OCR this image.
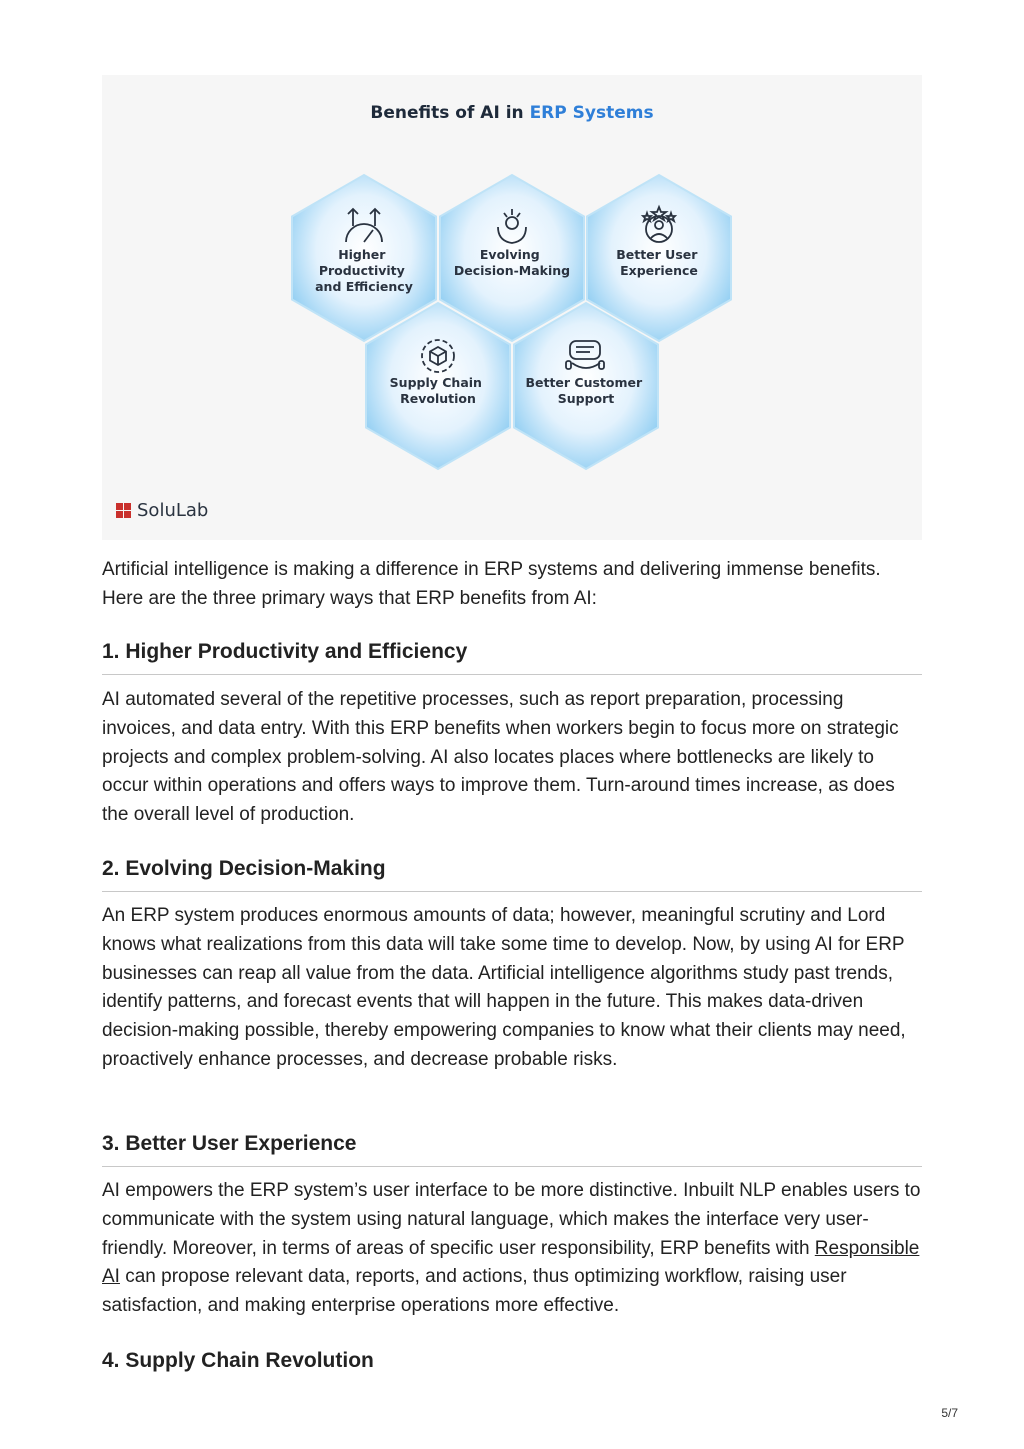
Benefits of AI in ERP Systems
Higher Productivity and Efficiency
Evolving Decision-Making
Better User Experience
Supply Chain Revolution
Better Customer Support
SoluLab

Artificial intelligence is making a difference in ERP systems and delivering immense benefits. Here are the three primary ways that ERP benefits from AI:

1. Higher Productivity and Efficiency

AI automated several of the repetitive processes, such as report preparation, processing invoices, and data entry. With this ERP benefits when workers begin to focus more on strategic projects and complex problem-solving. AI also locates places where bottlenecks are likely to occur within operations and offers ways to improve them. Turn-around times increase, as does the overall level of production.

2. Evolving Decision-Making

An ERP system produces enormous amounts of data; however, meaningful scrutiny and Lord knows what realizations from this data will take some time to develop. Now, by using AI for ERP businesses can reap all value from the data. Artificial intelligence algorithms study past trends, identify patterns, and forecast events that will happen in the future. This makes data-driven decision-making possible, thereby empowering companies to know what their clients may need, proactively enhance processes, and decrease probable risks.

3. Better User Experience

AI empowers the ERP system’s user interface to be more distinctive. Inbuilt NLP enables users to communicate with the system using natural language, which makes the interface very user-friendly. Moreover, in terms of areas of specific user responsibility, ERP benefits with Responsible AI can propose relevant data, reports, and actions, thus optimizing workflow, raising user satisfaction, and making enterprise operations more effective.

4. Supply Chain Revolution
5/7
